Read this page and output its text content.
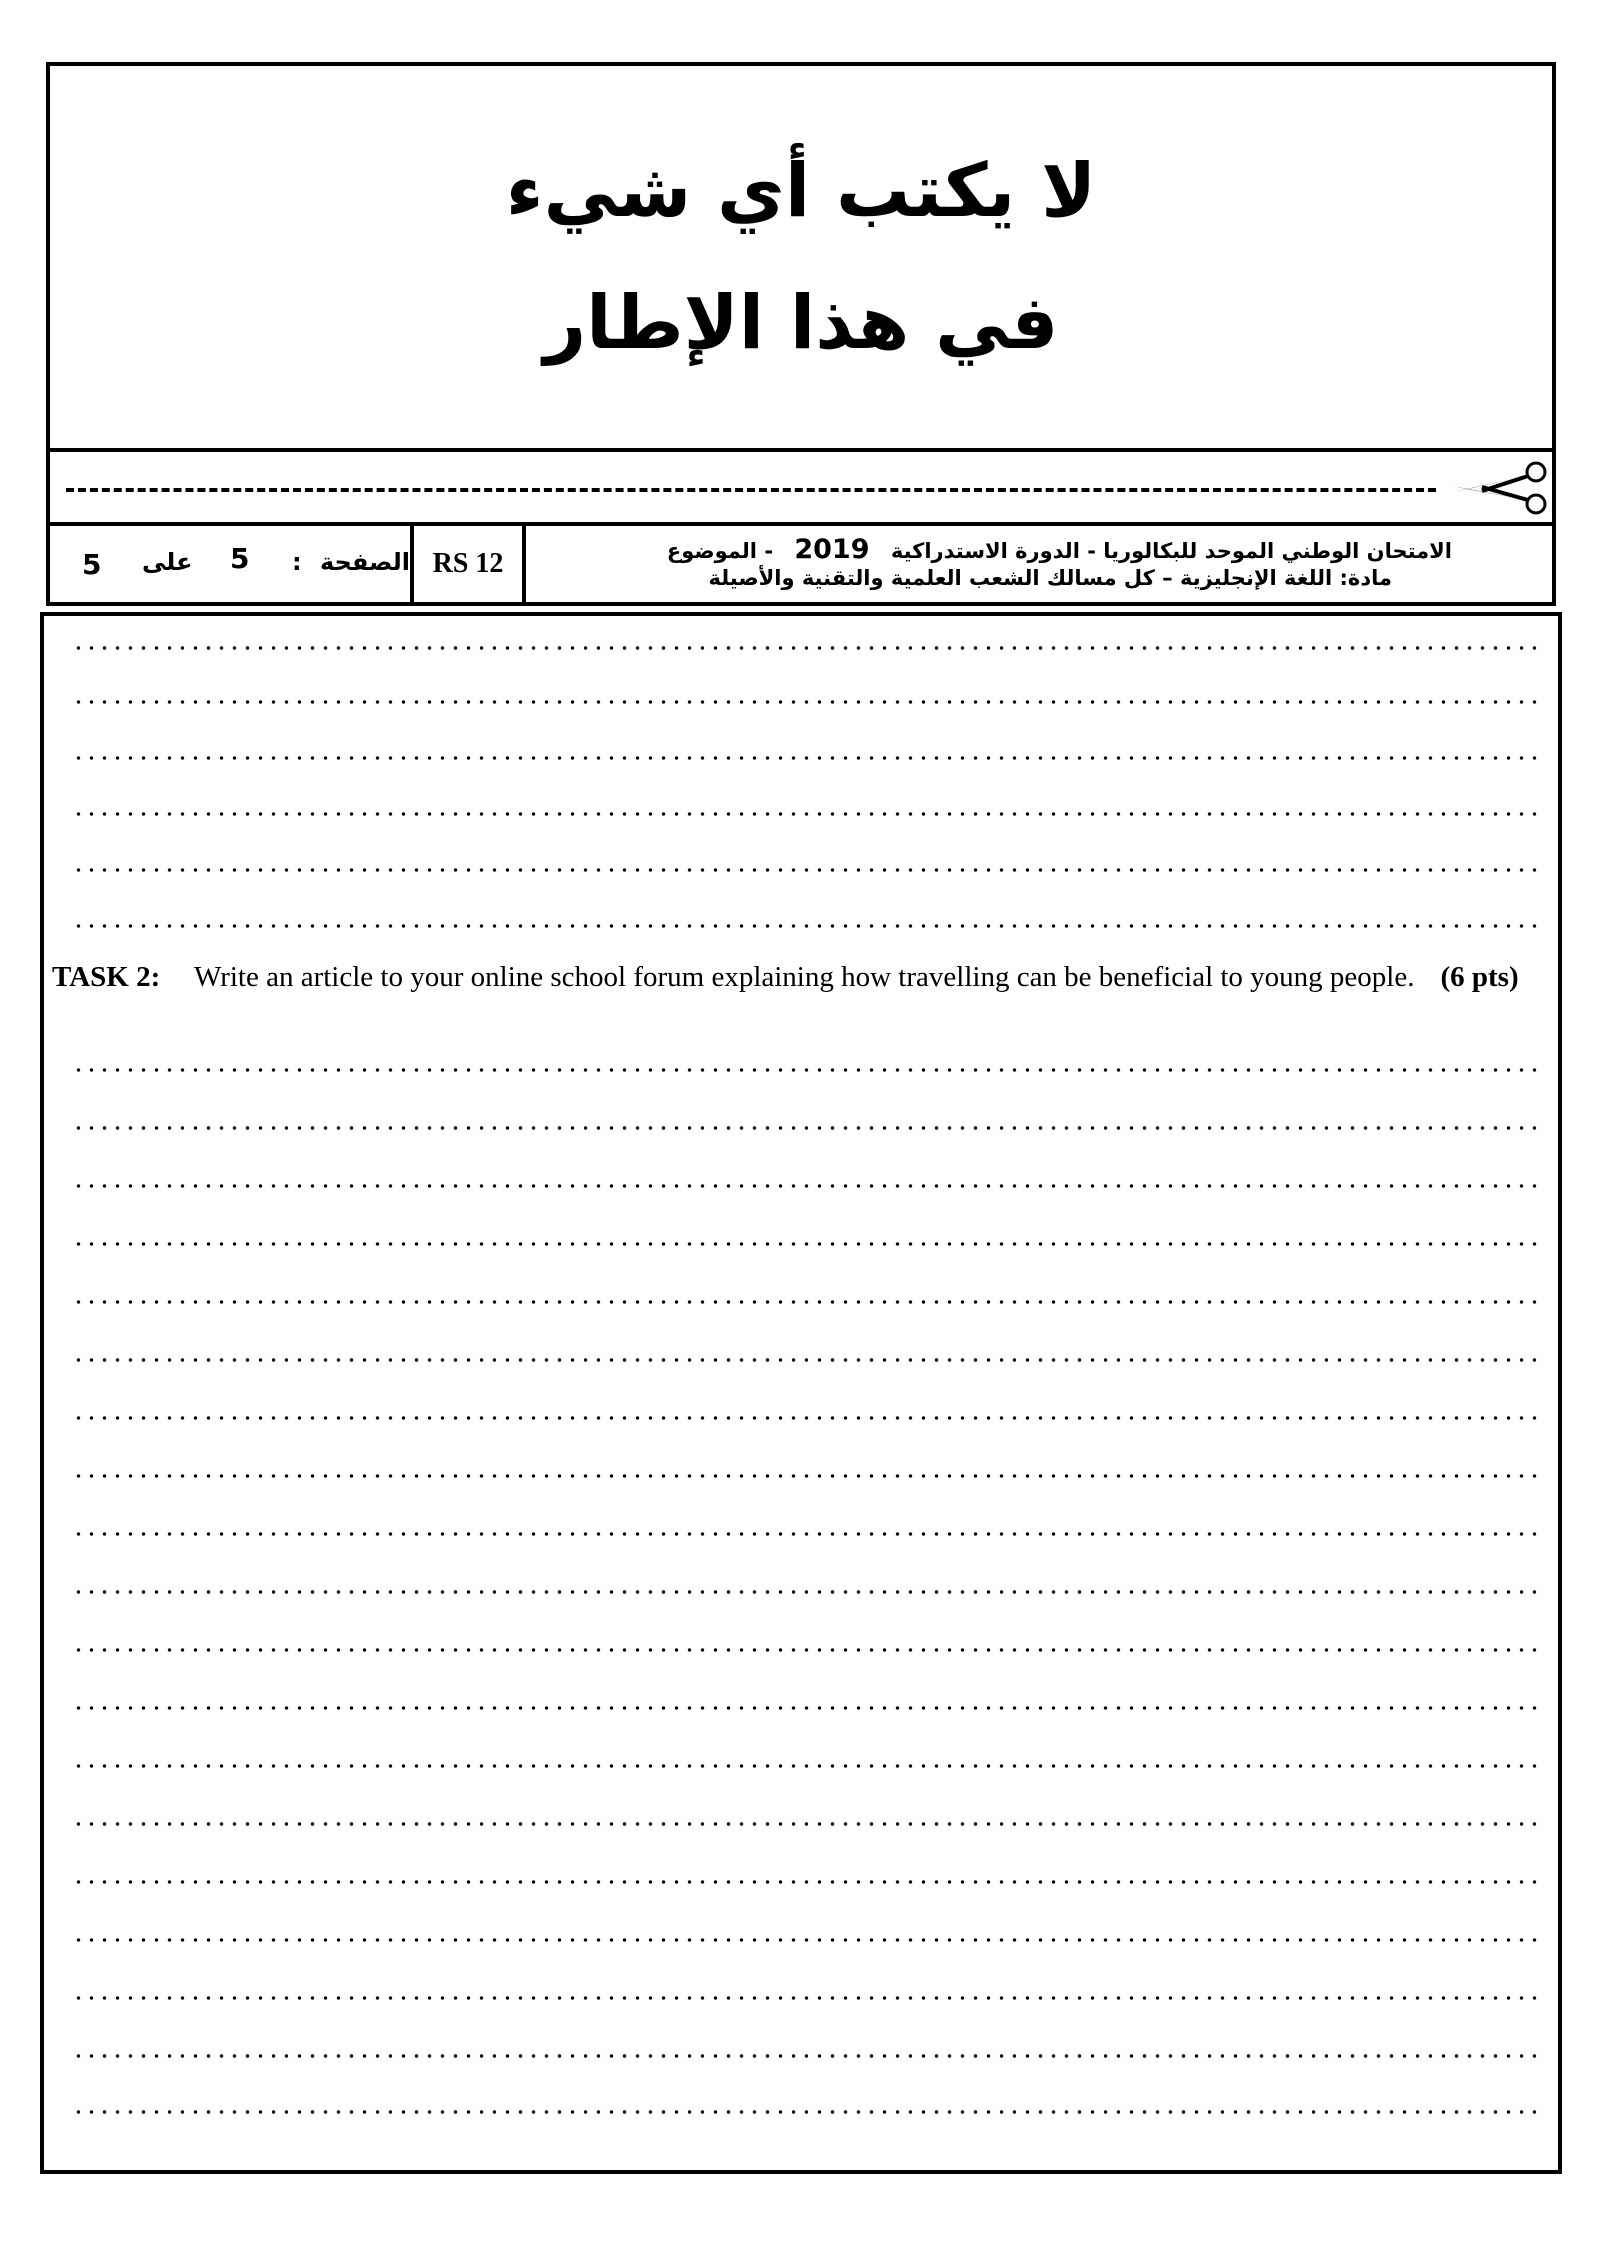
لا يكتب أي شيء
في هذا الإطار
5 على 5 : الصفحة RS 12	الامتحان الوطني الموحد للبكالوريا - الدورة الاستدراكية 2019 - الموضوع
مادة: اللغة الإنجليزية – كل مسالك الشعب العلمية والتقنية والأصيلة
TASK 2: Write an article to your online school forum explaining how travelling can be beneficial to young people. (6 pts)
